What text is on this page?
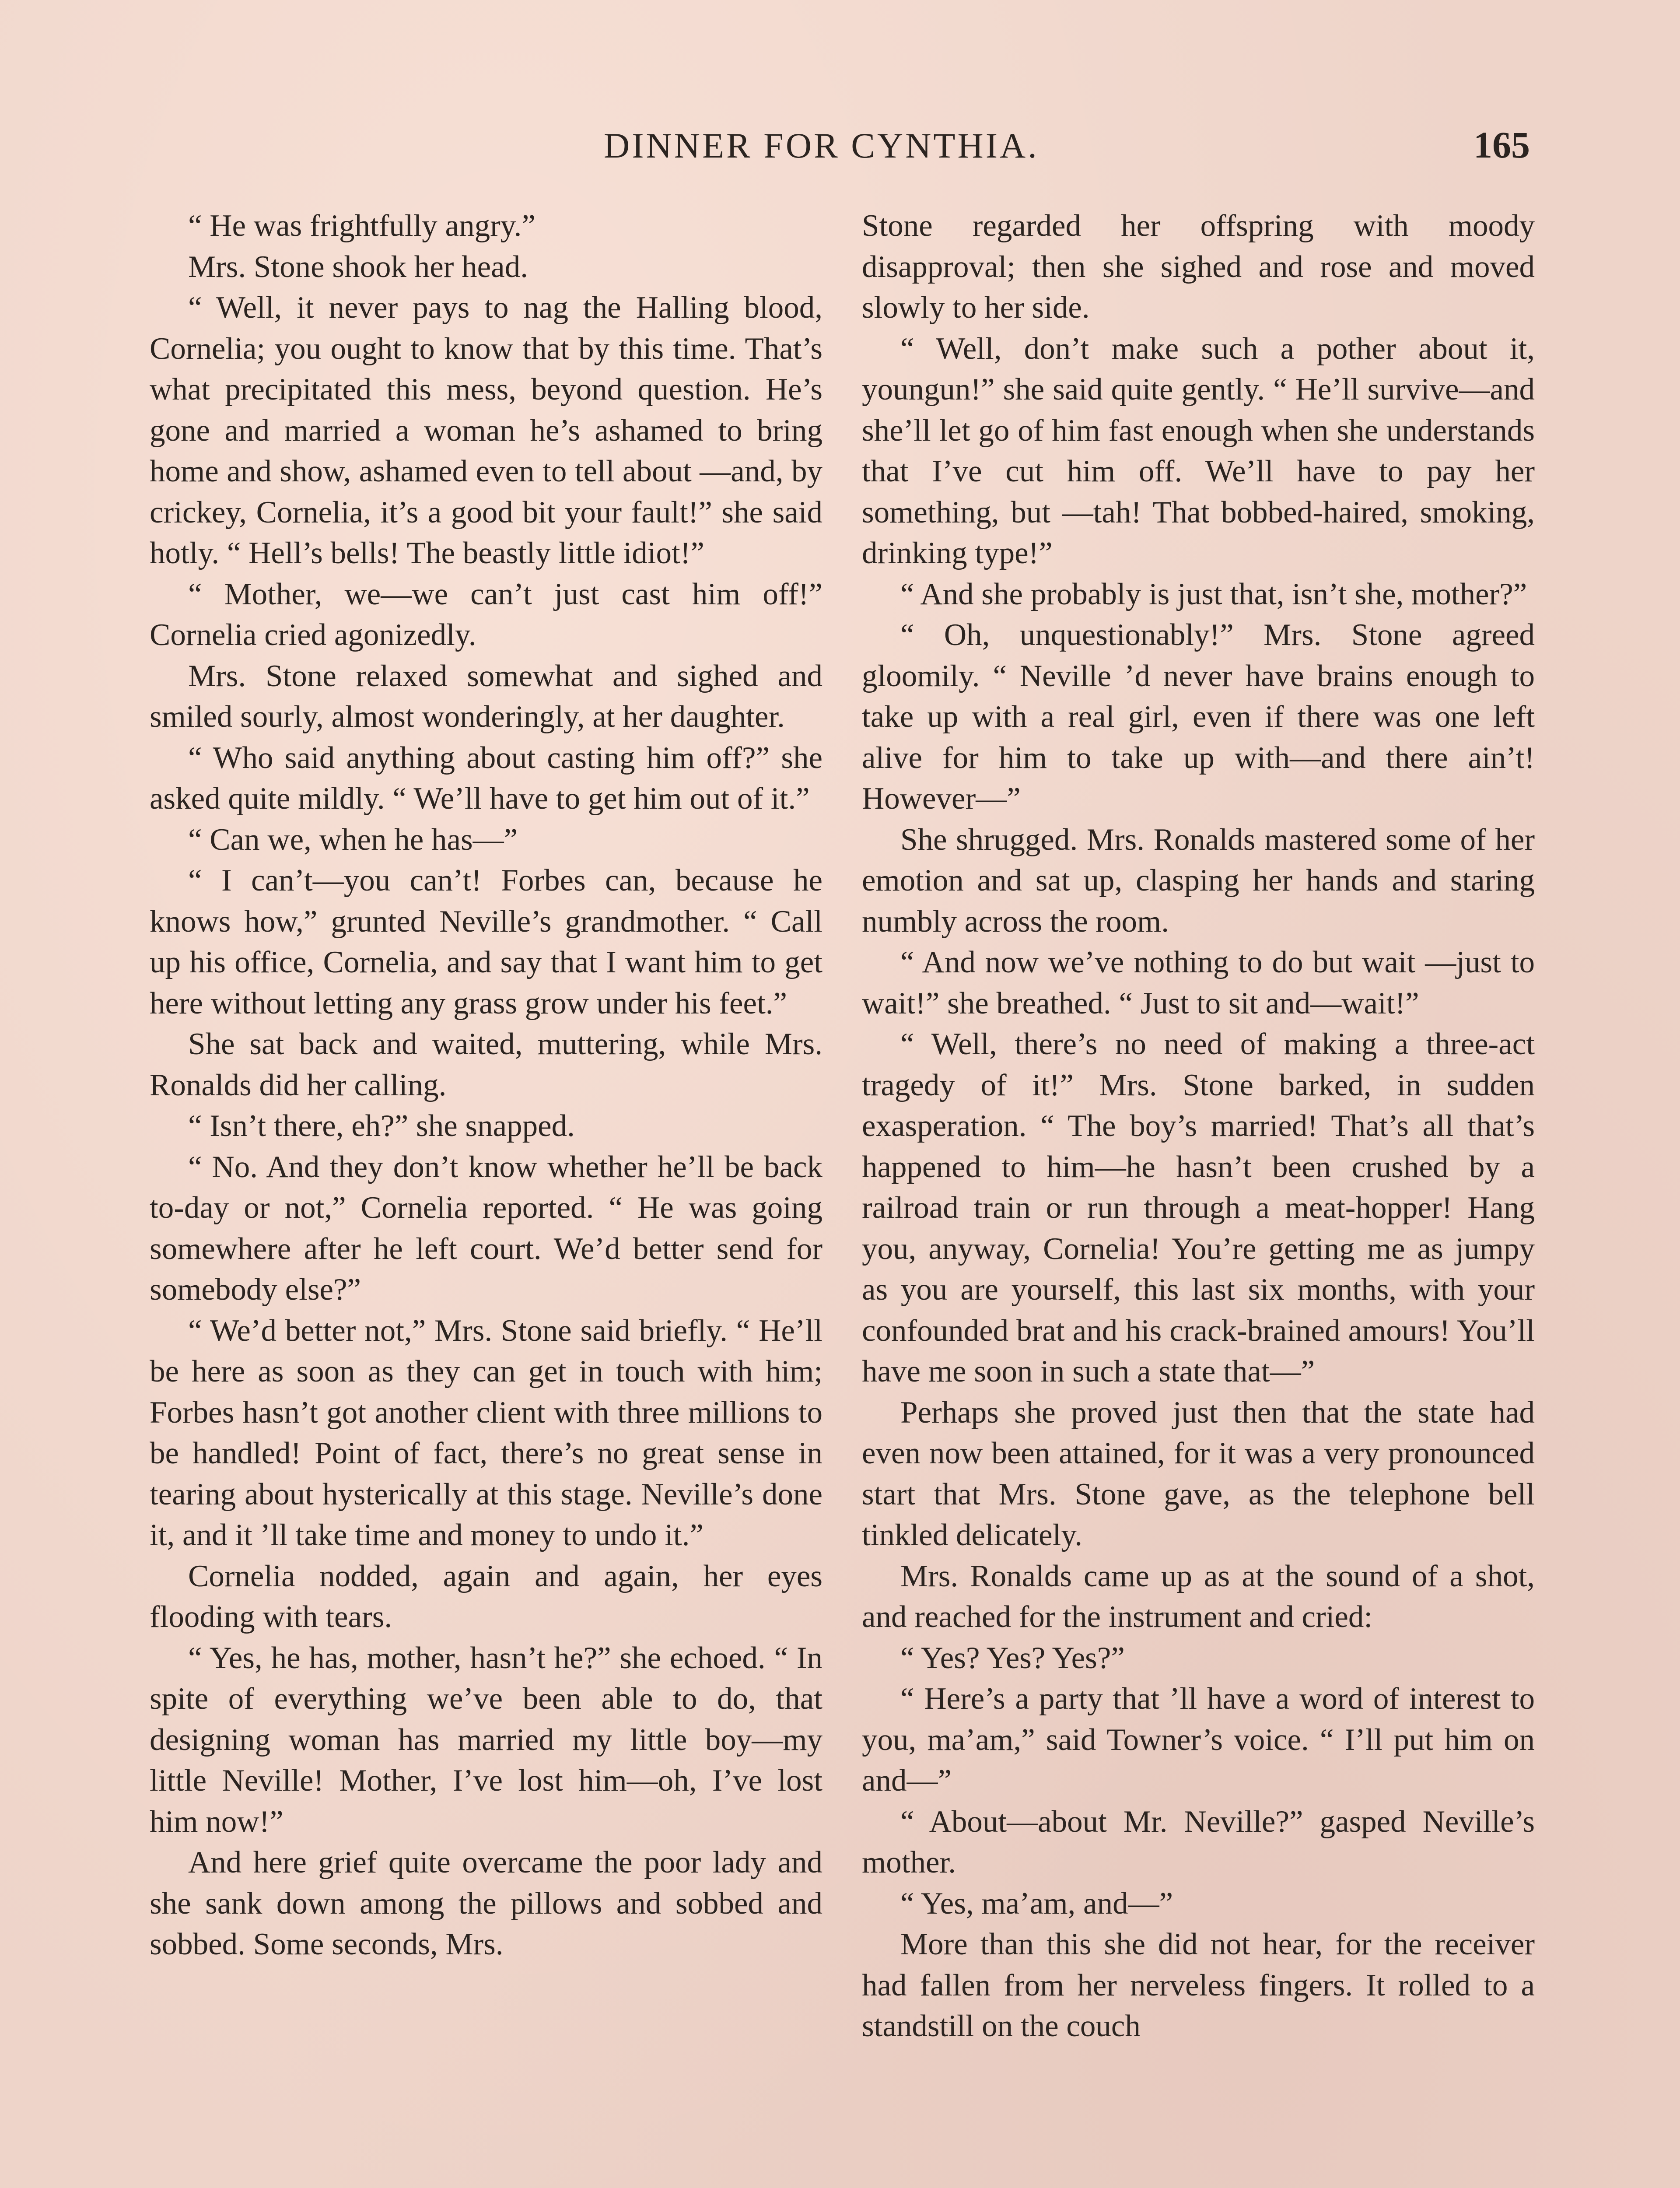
DINNER FOR CYNTHIA.	165

“ He was frightfully angry.”

Mrs. Stone shook her head.

“ Well, it never pays to nag the Halling blood, Cornelia; you ought to know that by this time. That’s what precipitated this mess, beyond question. He’s gone and married a woman he’s ashamed to bring home and show, ashamed even to tell about —and, by crickey, Cornelia, it’s a good bit your fault!” she said hotly. “ Hell’s bells! The beastly little idiot!”

“ Mother, we—we can’t just cast him off!” Cornelia cried agonizedly.

Mrs. Stone relaxed somewhat and sighed and smiled sourly, almost wonderingly, at her daughter.

“ Who said anything about casting him off?” she asked quite mildly. “ We’ll have to get him out of it.”

“ Can we, when he has—”

“ I can’t—you can’t! Forbes can, because he knows how,” grunted Neville’s grandmother. “ Call up his office, Cornelia, and say that I want him to get here without letting any grass grow under his feet.”

She sat back and waited, muttering, while Mrs. Ronalds did her calling.

“ Isn’t there, eh?” she snapped.

“ No. And they don’t know whether he’ll be back to-day or not,” Cornelia reported. “ He was going somewhere after he left court. We’d better send for somebody else?”

“ We’d better not,” Mrs. Stone said briefly. “ He’ll be here as soon as they can get in touch with him; Forbes hasn’t got another client with three millions to be handled! Point of fact, there’s no great sense in tearing about hysterically at this stage. Neville’s done it, and it ’ll take time and money to undo it.”

Cornelia nodded, again and again, her eyes flooding with tears.

“ Yes, he has, mother, hasn’t he?” she echoed. “ In spite of everything we’ve been able to do, that designing woman has married my little boy—my little Neville! Mother, I’ve lost him—oh, I’ve lost him now!”

And here grief quite overcame the poor lady and she sank down among the pillows and sobbed and sobbed. Some seconds, Mrs.

Stone regarded her offspring with moody disapproval; then she sighed and rose and moved slowly to her side.

“ Well, don’t make such a pother about it, youngun!” she said quite gently. “ He’ll survive—and she’ll let go of him fast enough when she understands that I’ve cut him off. We’ll have to pay her something, but —tah! That bobbed-haired, smoking, drinking type!”

“ And she probably is just that, isn’t she, mother?”

“ Oh, unquestionably!” Mrs. Stone agreed gloomily. “ Neville ’d never have brains enough to take up with a real girl, even if there was one left alive for him to take up with—and there ain’t! However—”

She shrugged. Mrs. Ronalds mastered some of her emotion and sat up, clasping her hands and staring numbly across the room.

“ And now we’ve nothing to do but wait —just to wait!” she breathed. “ Just to sit and—wait!”

“ Well, there’s no need of making a three-act tragedy of it!” Mrs. Stone barked, in sudden exasperation. “ The boy’s married! That’s all that’s happened to him—he hasn’t been crushed by a railroad train or run through a meat-hopper! Hang you, anyway, Cornelia! You’re getting me as jumpy as you are yourself, this last six months, with your confounded brat and his crack-brained amours! You’ll have me soon in such a state that—”

Perhaps she proved just then that the state had even now been attained, for it was a very pronounced start that Mrs. Stone gave, as the telephone bell tinkled delicately.

Mrs. Ronalds came up as at the sound of a shot, and reached for the instrument and cried:

“ Yes? Yes? Yes?”

“ Here’s a party that ’ll have a word of interest to you, ma’am,” said Towner’s voice. “ I’ll put him on and—”

“ About—about Mr. Neville?” gasped Neville’s mother.

“ Yes, ma’am, and—”

More than this she did not hear, for the receiver had fallen from her nerveless fingers. It rolled to a standstill on the couch
